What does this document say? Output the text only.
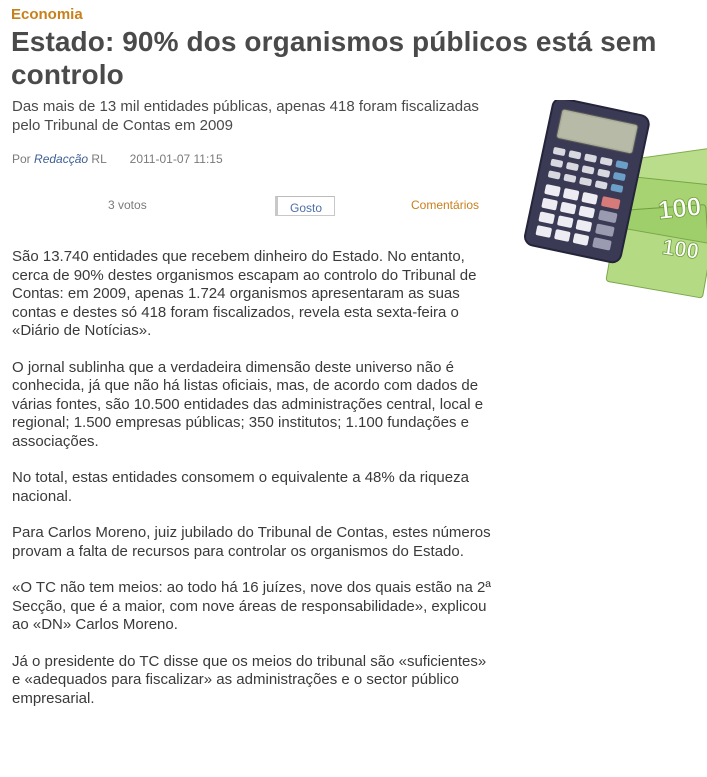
Economia
Estado: 90% dos organismos públicos está sem controlo
Das mais de 13 mil entidades públicas, apenas 418 foram fiscalizadas pelo Tribunal de Contas em 2009
Por Redacção RL 2011-01-07 11:15
3 votos	Gosto	Comentários

São 13.740 entidades que recebem dinheiro do Estado. No entanto, cerca de 90% destes organismos escapam ao controlo do Tribunal de Contas: em 2009, apenas 1.724 organismos apresentaram as suas contas e destes só 418 foram fiscalizados, revela esta sexta-feira o «Diário de Notícias».

O jornal sublinha que a verdadeira dimensão deste universo não é conhecida, já que não há listas oficiais, mas, de acordo com dados de várias fontes, são 10.500 entidades das administrações central, local e regional; 1.500 empresas públicas; 350 institutos; 1.100 fundações e associações.

No total, estas entidades consomem o equivalente a 48% da riqueza nacional.

Para Carlos Moreno, juiz jubilado do Tribunal de Contas, estes números provam a falta de recursos para controlar os organismos do Estado.

«O TC não tem meios: ao todo há 16 juízes, nove dos quais estão na 2ª Secção, que é a maior, com nove áreas de responsabilidade», explicou ao «DN» Carlos Moreno.

Já o presidente do TC disse que os meios do tribunal são «suficientes» e «adequados para fiscalizar» as administrações e o sector público empresarial.

100
100
